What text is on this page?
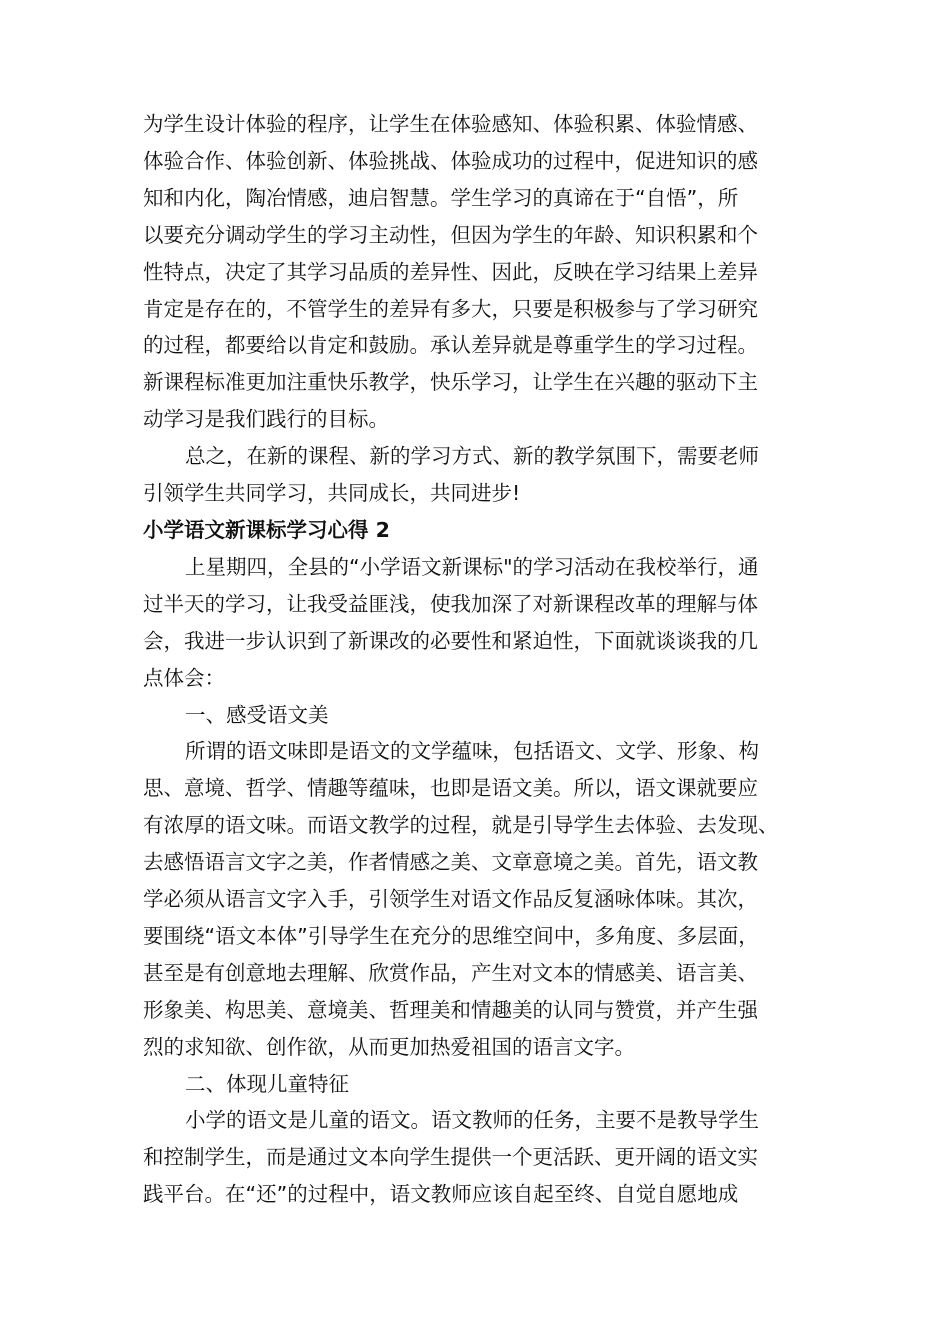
为学生设计体验的程序，让学生在体验感知、体验积累、体验情感、

体验合作、体验创新、体验挑战、体验成功的过程中，促进知识的感

知和内化，陶冶情感，迪启智慧。学生学习的真谛在于“自悟”，所

以要充分调动学生的学习主动性，但因为学生的年龄、知识积累和个

性特点，决定了其学习品质的差异性、因此，反映在学习结果上差异

肯定是存在的，不管学生的差异有多大，只要是积极参与了学习研究

的过程，都要给以肯定和鼓励。承认差异就是尊重学生的学习过程。

新课程标准更加注重快乐教学，快乐学习，让学生在兴趣的驱动下主

动学习是我们践行的目标。

总之，在新的课程、新的学习方式、新的教学氛围下，需要老师

引领学生共同学习，共同成长，共同进步!

小学语文新课标学习心得 2

上星期四，全县的“小学语文新课标"的学习活动在我校举行，通

过半天的学习，让我受益匪浅，使我加深了对新课程改革的理解与体

会，我进一步认识到了新课改的必要性和紧迫性，下面就谈谈我的几

点体会：

一、感受语文美

所谓的语文味即是语文的文学蕴味，包括语文、文学、形象、构

思、意境、哲学、情趣等蕴味，也即是语文美。所以，语文课就要应

有浓厚的语文味。而语文教学的过程，就是引导学生去体验、去发现、

去感悟语言文字之美，作者情感之美、文章意境之美。首先，语文教

学必须从语言文字入手，引领学生对语文作品反复涵咏体味。其次，

要围绕“语文本体”引导学生在充分的思维空间中，多角度、多层面，

甚至是有创意地去理解、欣赏作品，产生对文本的情感美、语言美、

形象美、构思美、意境美、哲理美和情趣美的认同与赞赏，并产生强

烈的求知欲、创作欲，从而更加热爱祖国的语言文字。

二、体现儿童特征

小学的语文是儿童的语文。语文教师的任务，主要不是教导学生

和控制学生，而是通过文本向学生提供一个更活跃、更开阔的语文实

践平台。在“还”的过程中，语文教师应该自起至终、自觉自愿地成
